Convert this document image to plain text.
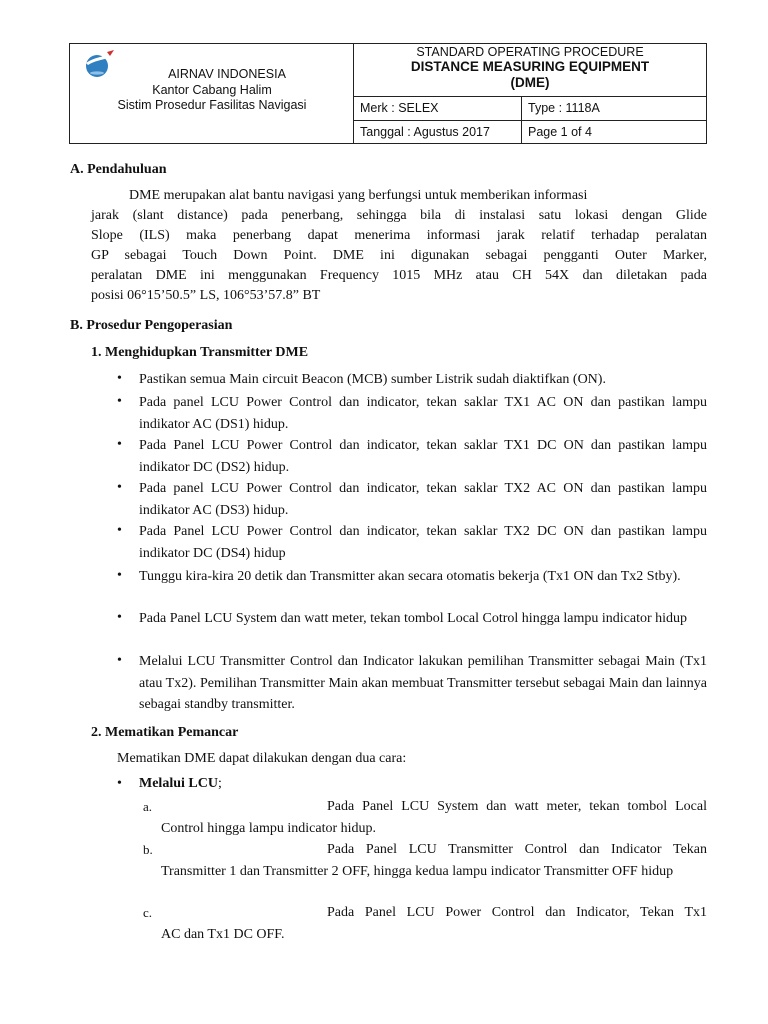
AIRNAV INDONESIA
Kantor Cabang Halim
Sistim Prosedur Fasilitas Navigasi
STANDARD OPERATING PROCEDURE
DISTANCE MEASURING EQUIPMENT
(DME)
Merk : SELEX	Type : 1118A
Tanggal : Agustus 2017	Page 1 of 4
A. Pendahuluan
DME merupakan alat bantu navigasi yang berfungsi untuk memberikan informasi
jarak (slant distance) pada penerbang, sehingga bila di instalasi satu lokasi dengan Glide
Slope (ILS) maka penerbang dapat menerima informasi jarak relatif terhadap peralatan
GP sebagai Touch Down Point. DME ini digunakan sebagai pengganti Outer Marker,
peralatan DME ini menggunakan Frequency 1015 MHz atau CH 54X dan diletakan pada
posisi 06°15’50.5” LS, 106°53’57.8” BT
B. Prosedur Pengoperasian
1. Menghidupkan Transmitter DME
• Pastikan semua Main circuit Beacon (MCB) sumber Listrik sudah diaktifkan (ON).
• Pada panel LCU Power Control dan indicator, tekan saklar TX1 AC ON dan pastikan lampu indikator AC (DS1) hidup.
• Pada Panel LCU Power Control dan indicator, tekan saklar TX1 DC ON dan pastikan lampu indikator DC (DS2) hidup.
• Pada panel LCU Power Control dan indicator, tekan saklar TX2 AC ON dan pastikan lampu indikator AC (DS3) hidup.
• Pada Panel LCU Power Control dan indicator, tekan saklar TX2 DC ON dan pastikan lampu indikator DC (DS4) hidup
• Tunggu kira-kira 20 detik dan Transmitter akan secara otomatis bekerja (Tx1 ON dan Tx2 Stby).
• Pada Panel LCU System dan watt meter, tekan tombol Local Cotrol hingga lampu indicator hidup
• Melalui LCU Transmitter Control dan Indicator lakukan pemilihan Transmitter sebagai Main (Tx1 atau Tx2). Pemilihan Transmitter Main akan membuat Transmitter tersebut sebagai Main dan lainnya sebagai standby transmitter.
2. Mematikan Pemancar
Mematikan DME dapat dilakukan dengan dua cara:
• Melalui LCU;
a.	Pada Panel LCU System dan watt meter, tekan tombol Local
Control hingga lampu indicator hidup.
b.	Pada Panel LCU Transmitter Control dan Indicator Tekan
Transmitter 1 dan Transmitter 2 OFF, hingga kedua lampu indicator Transmitter OFF hidup
c.	Pada Panel LCU Power Control dan Indicator, Tekan Tx1
AC dan Tx1 DC OFF.
